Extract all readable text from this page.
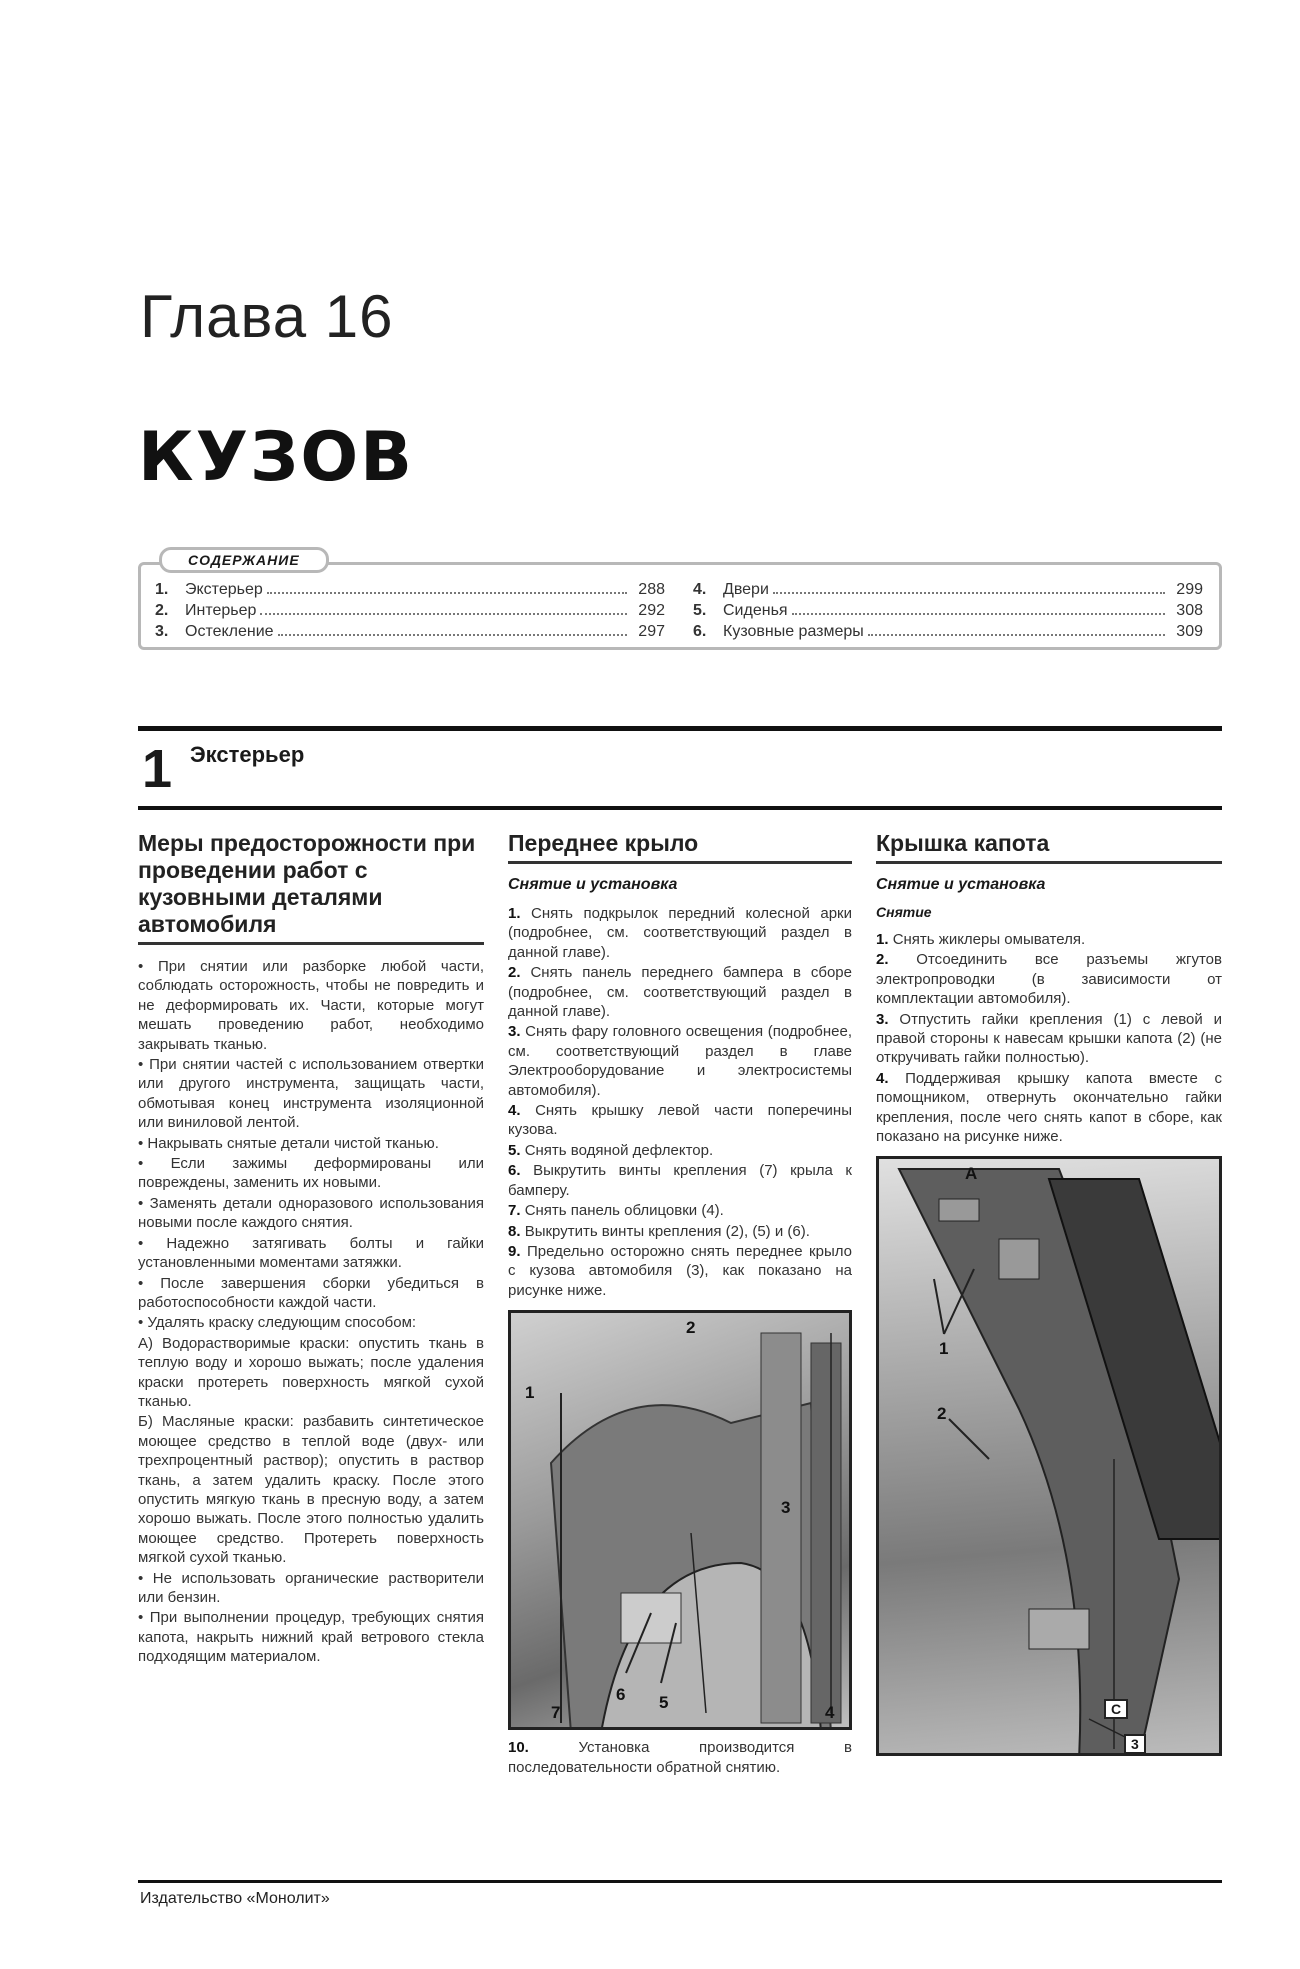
Глава 16
КУЗОВ
СОДЕРЖАНИЕ
1.	Экстерьер	288
2.	Интерьер	292
3.	Остекление	297
4.	Двери	299
5.	Сиденья	308
6.	Кузовные размеры	309
1 Экстерьер
Меры предосторожности при проведении работ с кузовными деталями автомобиля
• При снятии или разборке любой части, соблюдать осторожность, чтобы не повредить и не деформировать их. Части, которые могут мешать проведению работ, необходимо закрывать тканью.
• При снятии частей с использованием отвертки или другого инструмента, защищать части, обмотывая конец инструмента изоляционной или виниловой лентой.
• Накрывать снятые детали чистой тканью.
• Если зажимы деформированы или повреждены, заменить их новыми.
• Заменять детали одноразового использования новыми после каждого снятия.
• Надежно затягивать болты и гайки установленными моментами затяжки.
• После завершения сборки убедиться в работоспособности каждой части.
• Удалять краску следующим способом:
А) Водорастворимые краски: опустить ткань в теплую воду и хорошо выжать; после удаления краски протереть поверхность мягкой сухой тканью.
Б) Масляные краски: разбавить синтетическое моющее средство в теплой воде (двух- или трехпроцентный раствор); опустить в раствор ткань, а затем удалить краску. После этого опустить мягкую ткань в пресную воду, а затем хорошо выжать. После этого полностью удалить моющее средство. Протереть поверхность мягкой сухой тканью.
• Не использовать органические растворители или бензин.
• При выполнении процедур, требующих снятия капота, накрыть нижний край ветрового стекла подходящим материалом.
Переднее крыло
Снятие и установка
1. Снять подкрылок передний колесной арки (подробнее, см. соответствующий раздел в данной главе).
2. Снять панель переднего бампера в сборе (подробнее, см. соответствующий раздел в данной главе).
3. Снять фару головного освещения (подробнее, см. соответствующий раздел в главе Электрооборудование и электросистемы автомобиля).
4. Снять крышку левой части поперечины кузова.
5. Снять водяной дефлектор.
6. Выкрутить винты крепления (7) крыла к бамперу.
7. Снять панель облицовки (4).
8. Выкрутить винты крепления (2), (5) и (6).
9. Предельно осторожно снять переднее крыло с кузова автомобиля (3), как показано на рисунке ниже.
1
2
3
4
5
6
7
10.	Установка производится в последовательности обратной снятию.
Крышка капота
Снятие и установка
Снятие
1. Снять жиклеры омывателя.
2. Отсоединить все разъемы жгутов электропроводки (в зависимости от комплектации автомобиля).
3. Отпустить гайки крепления (1) с левой и правой стороны к навесам крышки капота (2) (не откручивать гайки полностью).
4. Поддерживая крышку капота вместе с помощником, отвернуть окончательно гайки крепления, после чего снять капот в сборе, как показано на рисунке ниже.
A
1
2
C
3
Издательство «Монолит»
